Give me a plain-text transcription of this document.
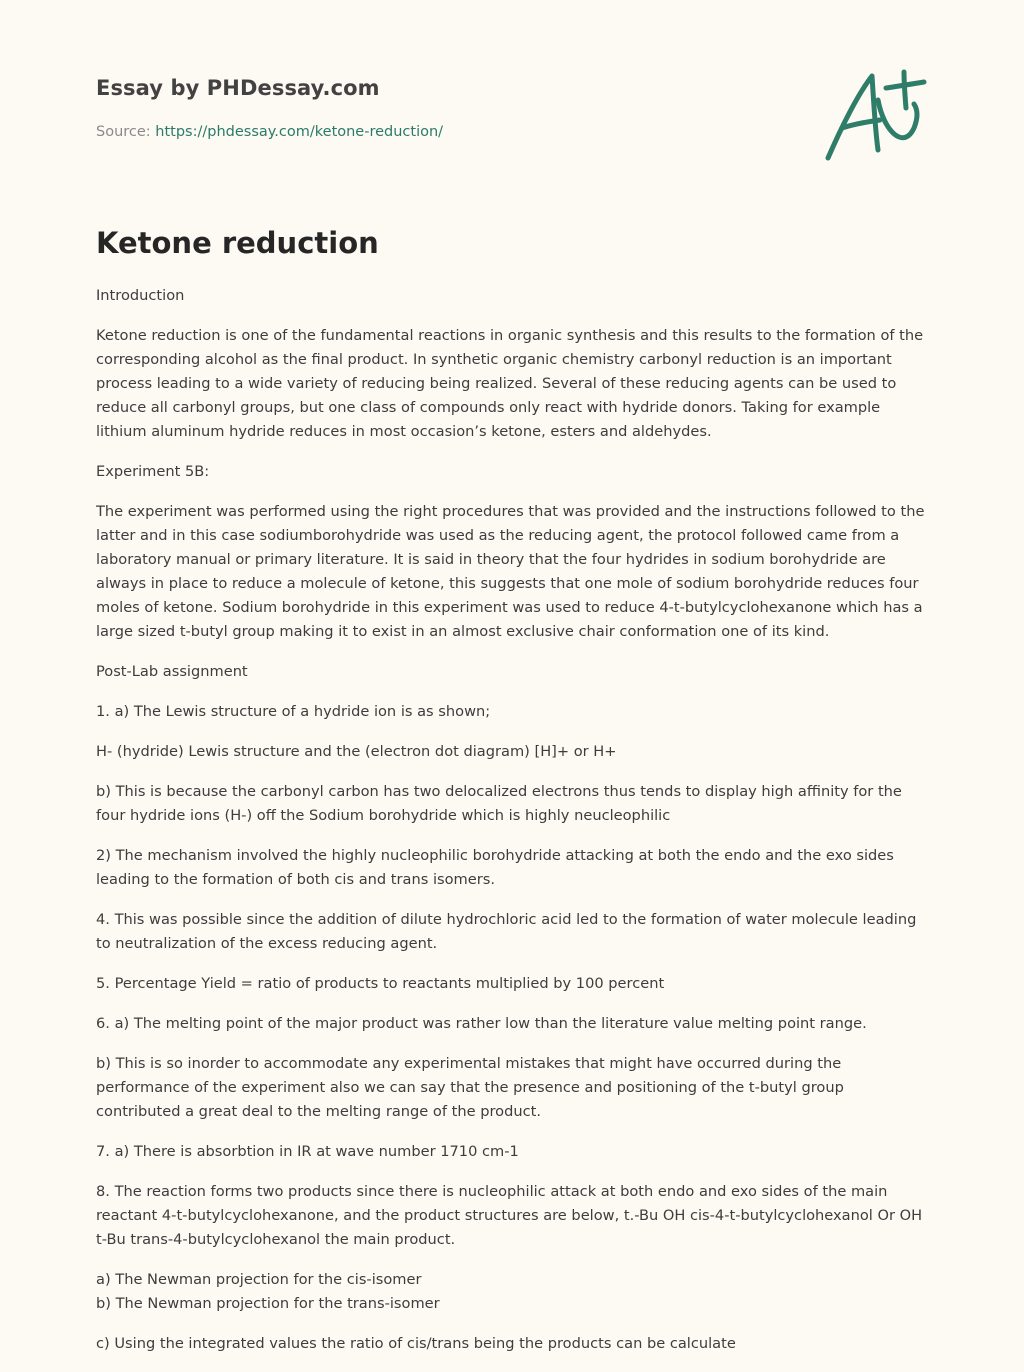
Essay by PHDessay.com
Source: https://phdessay.com/ketone-reduction/
Ketone reduction

Introduction

Ketone reduction is one of the fundamental reactions in organic synthesis and this results to the formation of the corresponding alcohol as the final product. In synthetic organic chemistry carbonyl reduction is an important process leading to a wide variety of reducing being realized. Several of these reducing agents can be used to reduce all carbonyl groups, but one class of compounds only react with hydride donors. Taking for example lithium aluminum hydride reduces in most occasion’s ketone, esters and aldehydes.

Experiment 5B:

The experiment was performed using the right procedures that was provided and the instructions followed to the latter and in this case sodiumborohydride was used as the reducing agent, the protocol followed came from a laboratory manual or primary literature. It is said in theory that the four hydrides in sodium borohydride are always in place to reduce a molecule of ketone, this suggests that one mole of sodium borohydride reduces four moles of ketone. Sodium borohydride in this experiment was used to reduce 4-t-butylcyclohexanone which has a large sized t-butyl group making it to exist in an almost exclusive chair conformation one of its kind.

Post-Lab assignment

1. a) The Lewis structure of a hydride ion is as shown;

H- (hydride) Lewis structure and the (electron dot diagram) [H]+ or H+

b) This is because the carbonyl carbon has two delocalized electrons thus tends to display high affinity for the four hydride ions (H-) off the Sodium borohydride which is highly neucleophilic

2) The mechanism involved the highly nucleophilic borohydride attacking at both the endo and the exo sides leading to the formation of both cis and trans isomers.

4. This was possible since the addition of dilute hydrochloric acid led to the formation of water molecule leading to neutralization of the excess reducing agent.

5. Percentage Yield = ratio of products to reactants multiplied by 100 percent

6. a) The melting point of the major product was rather low than the literature value melting point range.

b) This is so inorder to accommodate any experimental mistakes that might have occurred during the performance of the experiment also we can say that the presence and positioning of the t-butyl group contributed a great deal to the melting range of the product.

7. a) There is absorbtion in IR at wave number 1710 cm-1

8. The reaction forms two products since there is nucleophilic attack at both endo and exo sides of the main reactant 4-t-butylcyclohexanone, and the product structures are below, t.-Bu OH cis-4-t-butylcyclohexanol Or OH t-Bu trans-4-butylcyclohexanol the main product.

a) The Newman projection for the cis-isomer

b) The Newman projection for the trans-isomer

c) Using the integrated values the ratio of cis/trans being the products can be calculate
